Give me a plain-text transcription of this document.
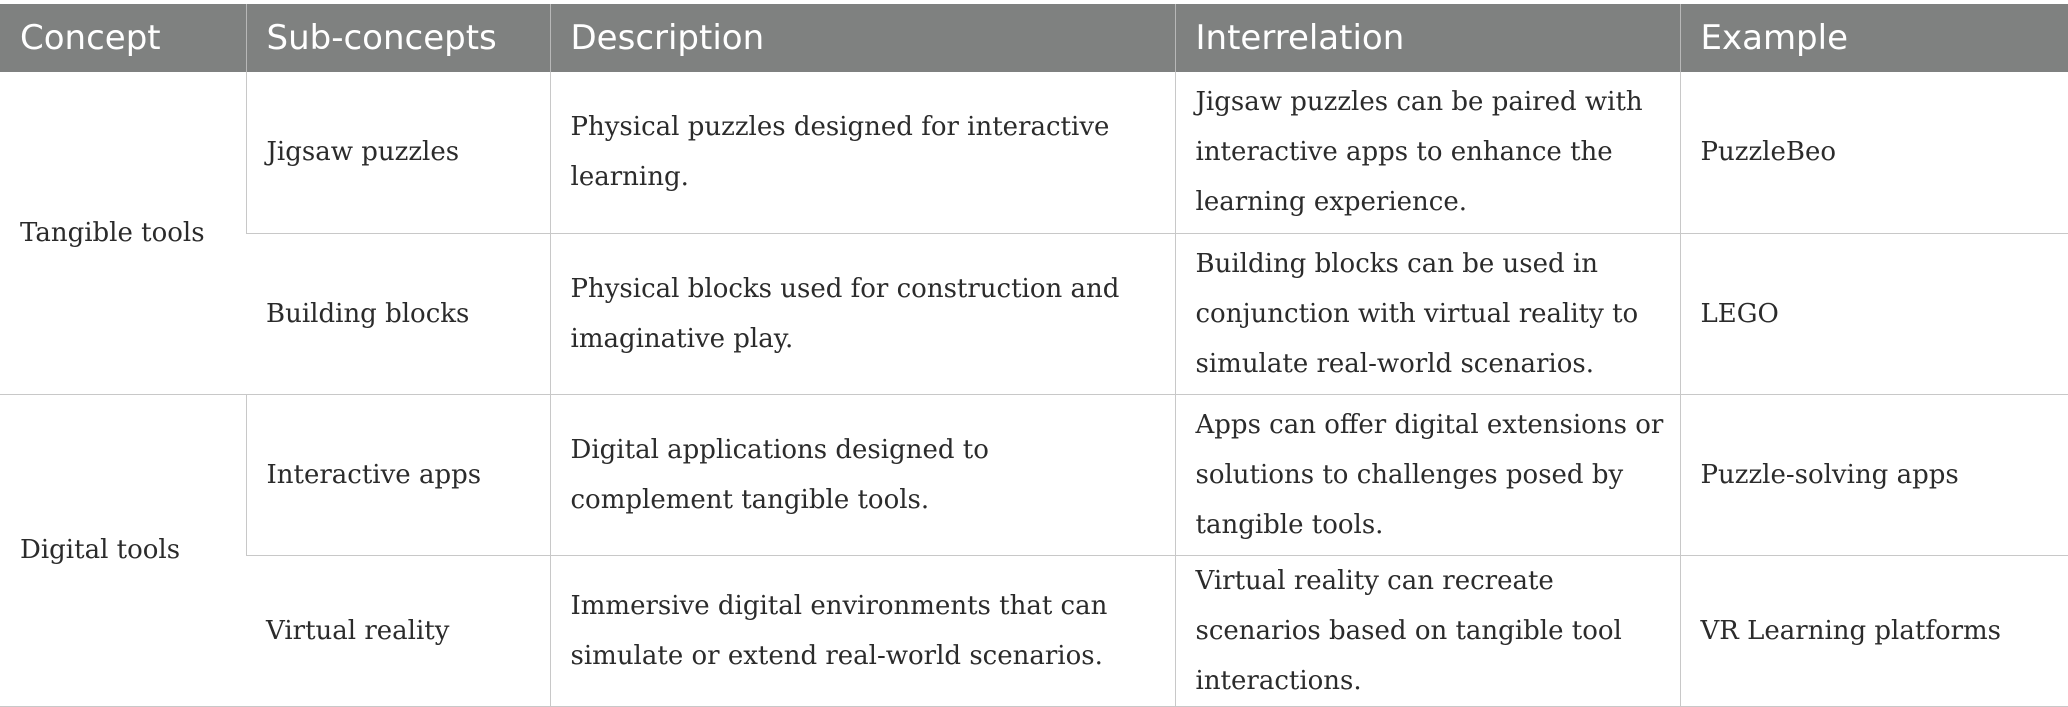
Concept	Sub-concepts	Description	Interrelation	Example
Tangible tools	Jigsaw puzzles	Physical puzzles designed for interactive learning.	Jigsaw puzzles can be paired with interactive apps to enhance the learning experience.	PuzzleBeo
	Building blocks	Physical blocks used for construction and imaginative play.	Building blocks can be used in conjunction with virtual reality to simulate real-world scenarios.	LEGO
Digital tools	Interactive apps	Digital applications designed to complement tangible tools.	Apps can offer digital extensions or solutions to challenges posed by tangible tools.	Puzzle-solving apps
	Virtual reality	Immersive digital environments that can simulate or extend real-world scenarios.	Virtual reality can recreate scenarios based on tangible tool interactions.	VR Learning platforms
